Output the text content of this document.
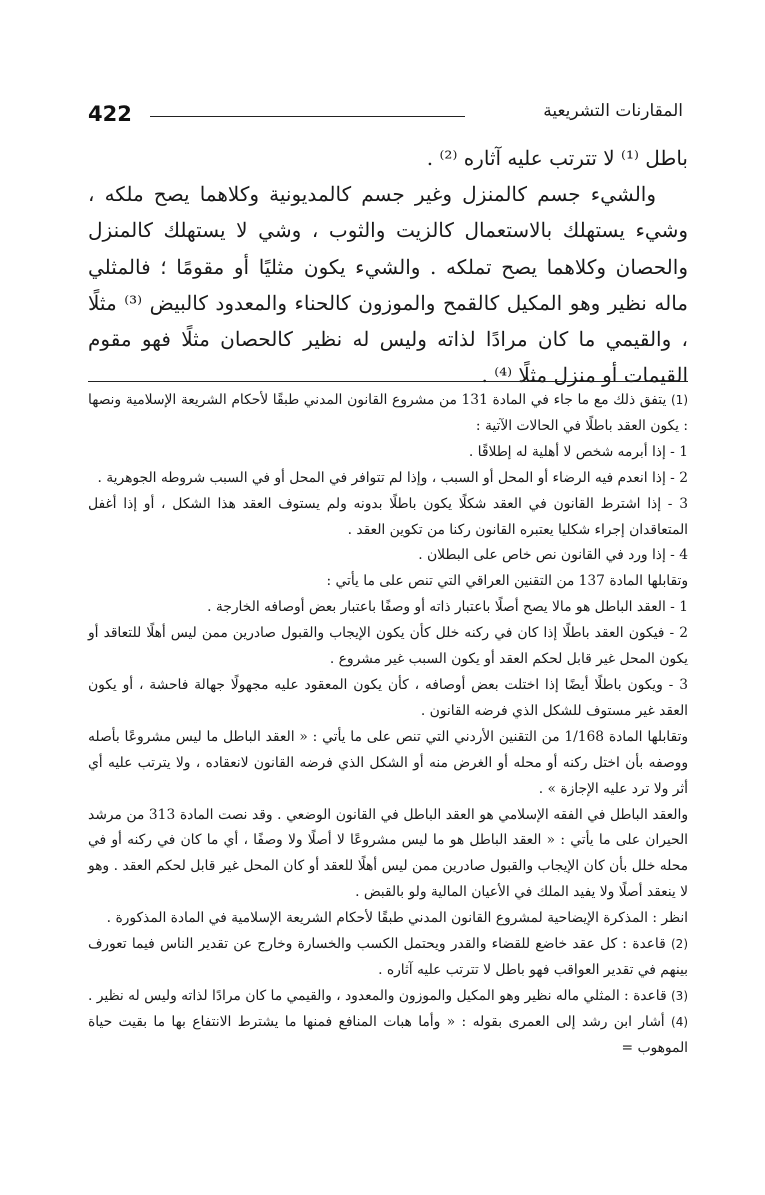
422	المقارنات التشريعية

باطل ⁽¹⁾ لا تترتب عليه آثاره ⁽²⁾ .

والشيء جسم كالمنزل وغير جسم كالمديونية وكلاهما يصح ملكه ، وشيء يستهلك بالاستعمال كالزيت والثوب ، وشي لا يستهلك كالمنزل والحصان وكلاهما يصح تملكه . والشيء يكون مثليًا أو مقومًا ؛ فالمثلي ماله نظير وهو المكيل كالقمح والموزون كالحناء والمعدود كالبيض ⁽³⁾ مثلًا ، والقيمي ما كان مرادًا لذاته وليس له نظير كالحصان مثلًا فهو مقوم القيمات أو منزل مثلًا ⁽⁴⁾ .

(1) يتفق ذلك مع ما جاء في المادة 131 من مشروع القانون المدني طبقًا لأحكام الشريعة الإسلامية ونصها : يكون العقد باطلًا في الحالات الآتية :

1 - إذا أبرمه شخص لا أهلية له إطلاقًا .

2 - إذا انعدم فيه الرضاء أو المحل أو السبب ، وإذا لم تتوافر في المحل أو في السبب شروطه الجوهرية .

3 - إذا اشترط القانون في العقد شكلًا يكون باطلًا بدونه ولم يستوف العقد هذا الشكل ، أو إذا أغفل المتعاقدان إجراء شكليا يعتبره القانون ركنا من تكوين العقد .

4 - إذا ورد في القانون نص خاص على البطلان .

وتقابلها المادة 137 من التقنين العراقي التي تنص على ما يأتي :

1 - العقد الباطل هو مالا يصح أصلًا باعتبار ذاته أو وصفًا باعتبار بعض أوصافه الخارجة .

2 - فيكون العقد باطلًا إذا كان في ركنه خلل كأن يكون الإيجاب والقبول صادرين ممن ليس أهلًا للتعاقد أو يكون المحل غير قابل لحكم العقد أو يكون السبب غير مشروع .

3 - ويكون باطلًا أيضًا إذا اختلت بعض أوصافه ، كأن يكون المعقود عليه مجهولًا جهالة فاحشة ، أو يكون العقد غير مستوف للشكل الذي فرضه القانون .

وتقابلها المادة 1/168 من التقنين الأردني التي تنص على ما يأتي : « العقد الباطل ما ليس مشروعًا بأصله ووصفه بأن اختل ركنه أو محله أو الغرض منه أو الشكل الذي فرضه القانون لانعقاده ، ولا يترتب عليه أي أثر ولا ترد عليه الإجازة » .

والعقد الباطل في الفقه الإسلامي هو العقد الباطل في القانون الوضعي . وقد نصت المادة 313 من مرشد الحيران على ما يأتي : « العقد الباطل هو ما ليس مشروعًا لا أصلًا ولا وصفًا ، أي ما كان في ركنه أو في محله خلل بأن كان الإيجاب والقبول صادرين ممن ليس أهلًا للعقد أو كان المحل غير قابل لحكم العقد . وهو لا ينعقد أصلًا ولا يفيد الملك في الأعيان المالية ولو بالقبض .

انظر : المذكرة الإيضاحية لمشروع القانون المدني طبقًا لأحكام الشريعة الإسلامية في المادة المذكورة .

(2) قاعدة : كل عقد خاضع للقضاء والقدر ويحتمل الكسب والخسارة وخارج عن تقدير الناس فيما تعورف بينهم في تقدير العواقب فهو باطل لا تترتب عليه آثاره .

(3) قاعدة : المثلي ماله نظير وهو المكيل والموزون والمعدود ، والقيمي ما كان مرادًا لذاته وليس له نظير .

(4) أشار ابن رشد إلى العمرى بقوله : « وأما هبات المنافع فمنها ما يشترط الانتفاع بها ما بقيت حياة الموهوب =
